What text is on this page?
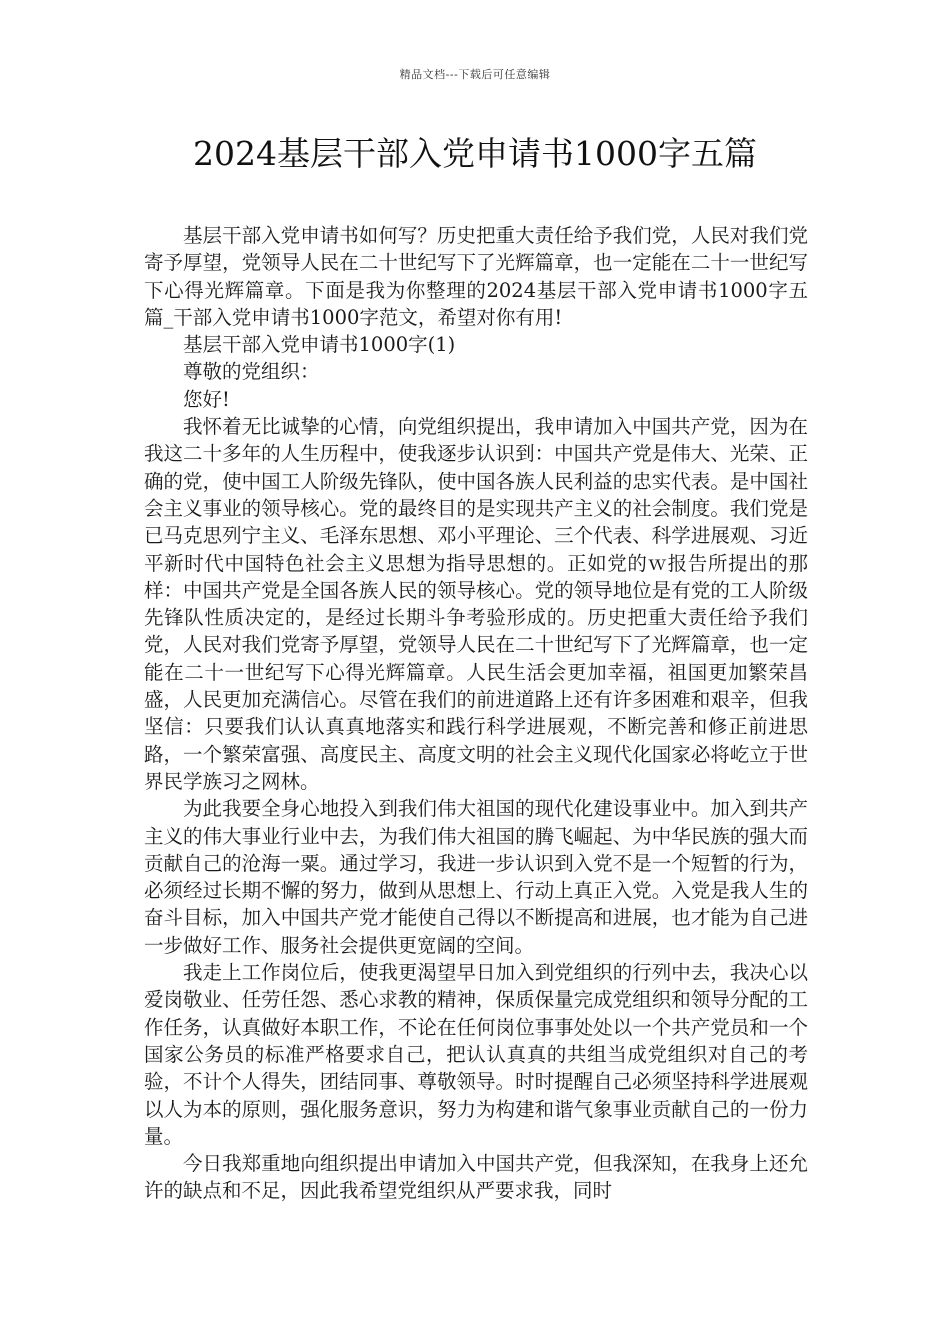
精品文档---下载后可任意编辑
2024基层干部入党申请书1000字五篇

基层干部入党申请书如何写？历史把重大责任给予我们党，人民对我们党寄予厚望，党领导人民在二十世纪写下了光辉篇章，也一定能在二十一世纪写下心得光辉篇章。下面是我为你整理的2024基层干部入党申请书1000字五篇_干部入党申请书1000字范文，希望对你有用!

基层干部入党申请书1000字(1)

尊敬的党组织：

您好!

我怀着无比诚挚的心情，向党组织提出，我申请加入中国共产党，因为在我这二十多年的人生历程中，使我逐步认识到：中国共产党是伟大、光荣、正确的党，使中国工人阶级先锋队，使中国各族人民利益的忠实代表。是中国社会主义事业的领导核心。党的最终目的是实现共产主义的社会制度。我们党是已马克思列宁主义、毛泽东思想、邓小平理论、三个代表、科学进展观、习近平新时代中国特色社会主义思想为指导思想的。正如党的ｗ报告所提出的那样：中国共产党是全国各族人民的领导核心。党的领导地位是有党的工人阶级先锋队性质决定的，是经过长期斗争考验形成的。历史把重大责任给予我们党，人民对我们党寄予厚望，党领导人民在二十世纪写下了光辉篇章，也一定能在二十一世纪写下心得光辉篇章。人民生活会更加幸福，祖国更加繁荣昌盛，人民更加充满信心。尽管在我们的前进道路上还有许多困难和艰辛，但我坚信：只要我们认认真真地落实和践行科学进展观，不断完善和修正前进思路，一个繁荣富强、高度民主、高度文明的社会主义现代化国家必将屹立于世界民学族习之网林。

为此我要全身心地投入到我们伟大祖国的现代化建设事业中。加入到共产主义的伟大事业行业中去，为我们伟大祖国的腾飞崛起、为中华民族的强大而贡献自己的沧海一粟。通过学习，我进一步认识到入党不是一个短暂的行为，必须经过长期不懈的努力，做到从思想上、行动上真正入党。入党是我人生的奋斗目标，加入中国共产党才能使自己得以不断提高和进展，也才能为自己进一步做好工作、服务社会提供更宽阔的空间。

我走上工作岗位后，使我更渴望早日加入到党组织的行列中去，我决心以爱岗敬业、任劳任怨、悉心求教的精神，保质保量完成党组织和领导分配的工作任务，认真做好本职工作，不论在任何岗位事事处处以一个共产党员和一个国家公务员的标准严格要求自己，把认认真真的共组当成党组织对自己的考验，不计个人得失，团结同事、尊敬领导。时时提醒自己必须坚持科学进展观以人为本的原则，强化服务意识，努力为构建和谐气象事业贡献自己的一份力量。

今日我郑重地向组织提出申请加入中国共产党，但我深知，在我身上还允许的缺点和不足，因此我希望党组织从严要求我，同时
